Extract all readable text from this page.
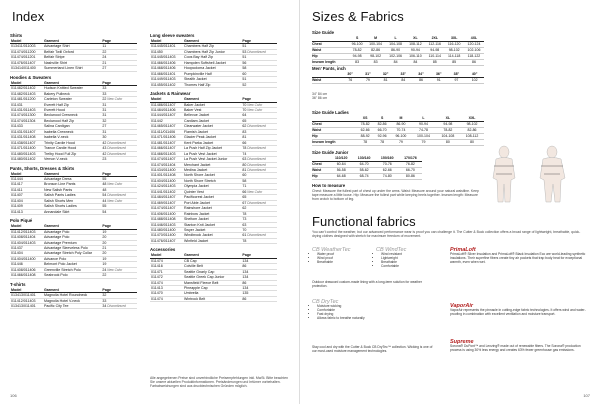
Index
Shirts
Model	Garment	Page
013411/011003	Advantage Shirt	11
011474/011200	Belfair Twill Oxford	22
011474/011201	Belfair Stripe	24
011476/011407	Nashville Shirt	21
013414/011400	Summerland Linen Shirt	27
Hoodies & Sweaters
Model	Garment	Page
011482/011402	Hudson Knitted Sweater	33
011482/011403	Bakery Pullneck	33
011481/011200	Carleton Sweater	22 New Color
011431	Everett Half Zip	31
011431/011403	Everett Hood	31
011474/011300	Beckwood Crewneck	31
011474/011304	Beckwood Half Zip	32
011433	Salina Cardigan	27
011431/011407	Isabella Crewneck	31
011431/011408	Isabella V-neck	30
011438/011407	Trinity Cardie Hood	42 Discontinued
011471/011400	Trance Cardie Hood	43 Discontinued
011480/011403	Trelby Hood Full Zip	42 Discontinued
011480/011402	Vernon V-neck	23
Pants, Shorts, Dresses & Skirts
Model	Garment	Page
011444	Advantage Dress	55
011417	Bronson Line Pants	48 New Color
011411	New Salish Pants	48
011407	Salish Pants Ladies	54 Discontinued
011404	Salish Shorts Men	44 New Color
011409	Salish Shorts Ladies	55
011413	Annandale Skirt	54
Polo Piqué
Model	Garment	Page
011412/011403	Advantage Polo	19
011408/011404	Advantage Polo	20
011404/011403	Advantage Premium	20
011437	Advantage Sleeveless Polo	21
011404	Advantage Stretch Poly Collar	20
011404/011400	Advance Polo	19
011446	Belmont Polo Jacket	19
011408/011406	Greenville Stretch Polo	24 New Color
011466/011408	Seabrook Polo	22
T-shirts
Model	Garment	Page
013413/011401	Magnolia Hotel Roundneck	32
011412/011403	Magnolia Hotel V-neck	33
013413/011401	Pacific City Tee	34 Discontinued
Long sleeve sweaters
Model	Garment	Page
011445/011401	Chambers Half Zip	51
011450	Chambers Half Zip Junior	53 Discontinued
011445/011403	Coos Bay Half Zip	51
011466/011406	Hampden Softshell Jacket	56
011468/011406	Hoopcoloma Jacket	58
011466/011401	Pumpkinville Half	60
011449/011403	Stealth Jacket	51
011455/011402	Thomes Half Zip	52
Jackets & Rainwear
Model	Garment	Page
011486/011407	Baker Jacket	70 New Color
011484/011406	Baker Vest	70 New Color
011444/011407	Bellevue Jacket	64
011442	Cardiam Jacket	65
011465/011407	Clearwater Jacket	62 Discontinued
011411/011406	Flamish Jacket	83
011471/011406	Glacier Peak Jacket	81
011481/011407	Kent Parka Jacket	66
011466/011407	La Push Half Zip Jacket	78 Discontinued
011466/011403	La Push Vest Jacket	74
011474/011407	La Push Vest Jacket Junior	63 Discontinued
011474/011404	Merchant Jacket	80 Discontinued
011434/011400	Medina Jacket	81 Discontinued
011401/011408	North Shore Jacket	60
011404/011400	North Shore Stretch	58
011424/011403	Olympia Jacket	71
011441/011402	Quinter Vest	66 New Color
011484/011407	Pacificcrest Jacket	65
011469/011407	Port Able Jacket	67 Discontinued
011474/011407	Rainshore Jacket	62
011406/011400	Rainbow Jacket	78
011488/011408	Sheltom Jacket	73
011446/011403	Stanton Knit Jacket	63
011480/011400	Swyer Jacket	70
011470/011400	Windbrook Jacket	61 Discontinued
011476/011407	Winfield Jacket	78
Accessories
Model	Garment	Page
011474	CB Cap	134
011416	Colville Belt	86
011471	Seattle Gnarly Cap	134
011472	Seattle Greek Cap Junior	134
011474	Mansfield Fleece Belt	86
011413	Pineapple Cap	134
011470	Umbrella	135
011474	Wintrock Belt	86
Alle angegebenen Preise sind unverbindliche Preisempfehlungen inkl. MwSt. Bitte beachten Sie unsere aktuellen Produktinformationen. Preisänderungen und Irrtümer vorbehalten. Farbabweichungen sind aus drucktechnischen Gründen möglich.
106
Sizes & Fabrics
Size Guide
	S	M	L	XL	2XL	3XL	4XL
Chest	96-100	100-104	104-108	108-112	112-116	116-120	120-124
Waist	78-82	82-86	86-90	90-94	94-98	98-102	102-106
Hip	94-98	98-102	102-106	106-110	110-114	114-118	118-122
Inseam length	83	83	84	84	85	85	86
Men' Pants, inch
	30"	31"	32"	33"	34"	36"	38"	40"
Waist	76	79	81	84	86	91	97	102
34" 84 cm
36" 86 cm
Size Guide Ladies
	XS	S	M	L	XL	XXL
Chest	78-82	82-86	86-90	90-94	94-98	98-102
Waist	62-66	66-70	70-74	74-78	78-82	82-86
Hip	88-92	92-96	96-100	100-104	104-108	108-112
Inseam length	78	78	79	79	80	80
Size Guide Junior
	110/120	130/140	150/160	170/176
Chest	60-64	64-70	70-76	76-82
Waist	56-58	58-62	62-66	66-70
Hip	64-68	68-74	74-80	80-86
How to measure
Chest: Measure the fullest part of chest up under the arms. Waist: Measure around your natural waistline. Keep tape measure a little loose. Hip: Measure the fullest part while keeping heels together. Inseam length: Measure from crotch to bottom of leg.
Functional fabrics
You can't control the weather, but our advanced performance wear is proof you can challenge it. The Cutter & Buck collection offers a broad range of lightweight, breathable, quick-drying clothes designed with stretch for maximum freedom of movement.
CB WeatherTec
• Water proof
• Wind proof
• Breathable
CB WindTec
• Wind resistant
• Lightweight
• Breathable
• Comfortable
Outdoor drawcord custom-made lining with a long-term solution for weather protection.
CB DryTec
• Moisture wicking
• Comfortable
• Fast drying
• Allows fabric to breathe naturally
Stay cool and dry with the Cutter & Buck CB DryTec™ collection. Wicking is one of our most-used moisture management technologies.
PrimaLoft
PrimaLoft® Silver Insulation and PrimaLoft® Black Insulation Eco are world-leading synthetic insulations. Their superfine fibers create tiny air pockets that trap body heat for exceptional warmth, even when wet.
VaporAir
VaporAir represents the pinnacle in cutting-edge fabric technologies. It offers wind and water-proofing in combination with excellent ventilation and moisture transport.
Supreme
Sorona® DuPont™ and Lenzing® made out of renewable fibers. The Sorona® production process is using 30% less energy and creates 63% fewer greenhouse gas emissions.
107
